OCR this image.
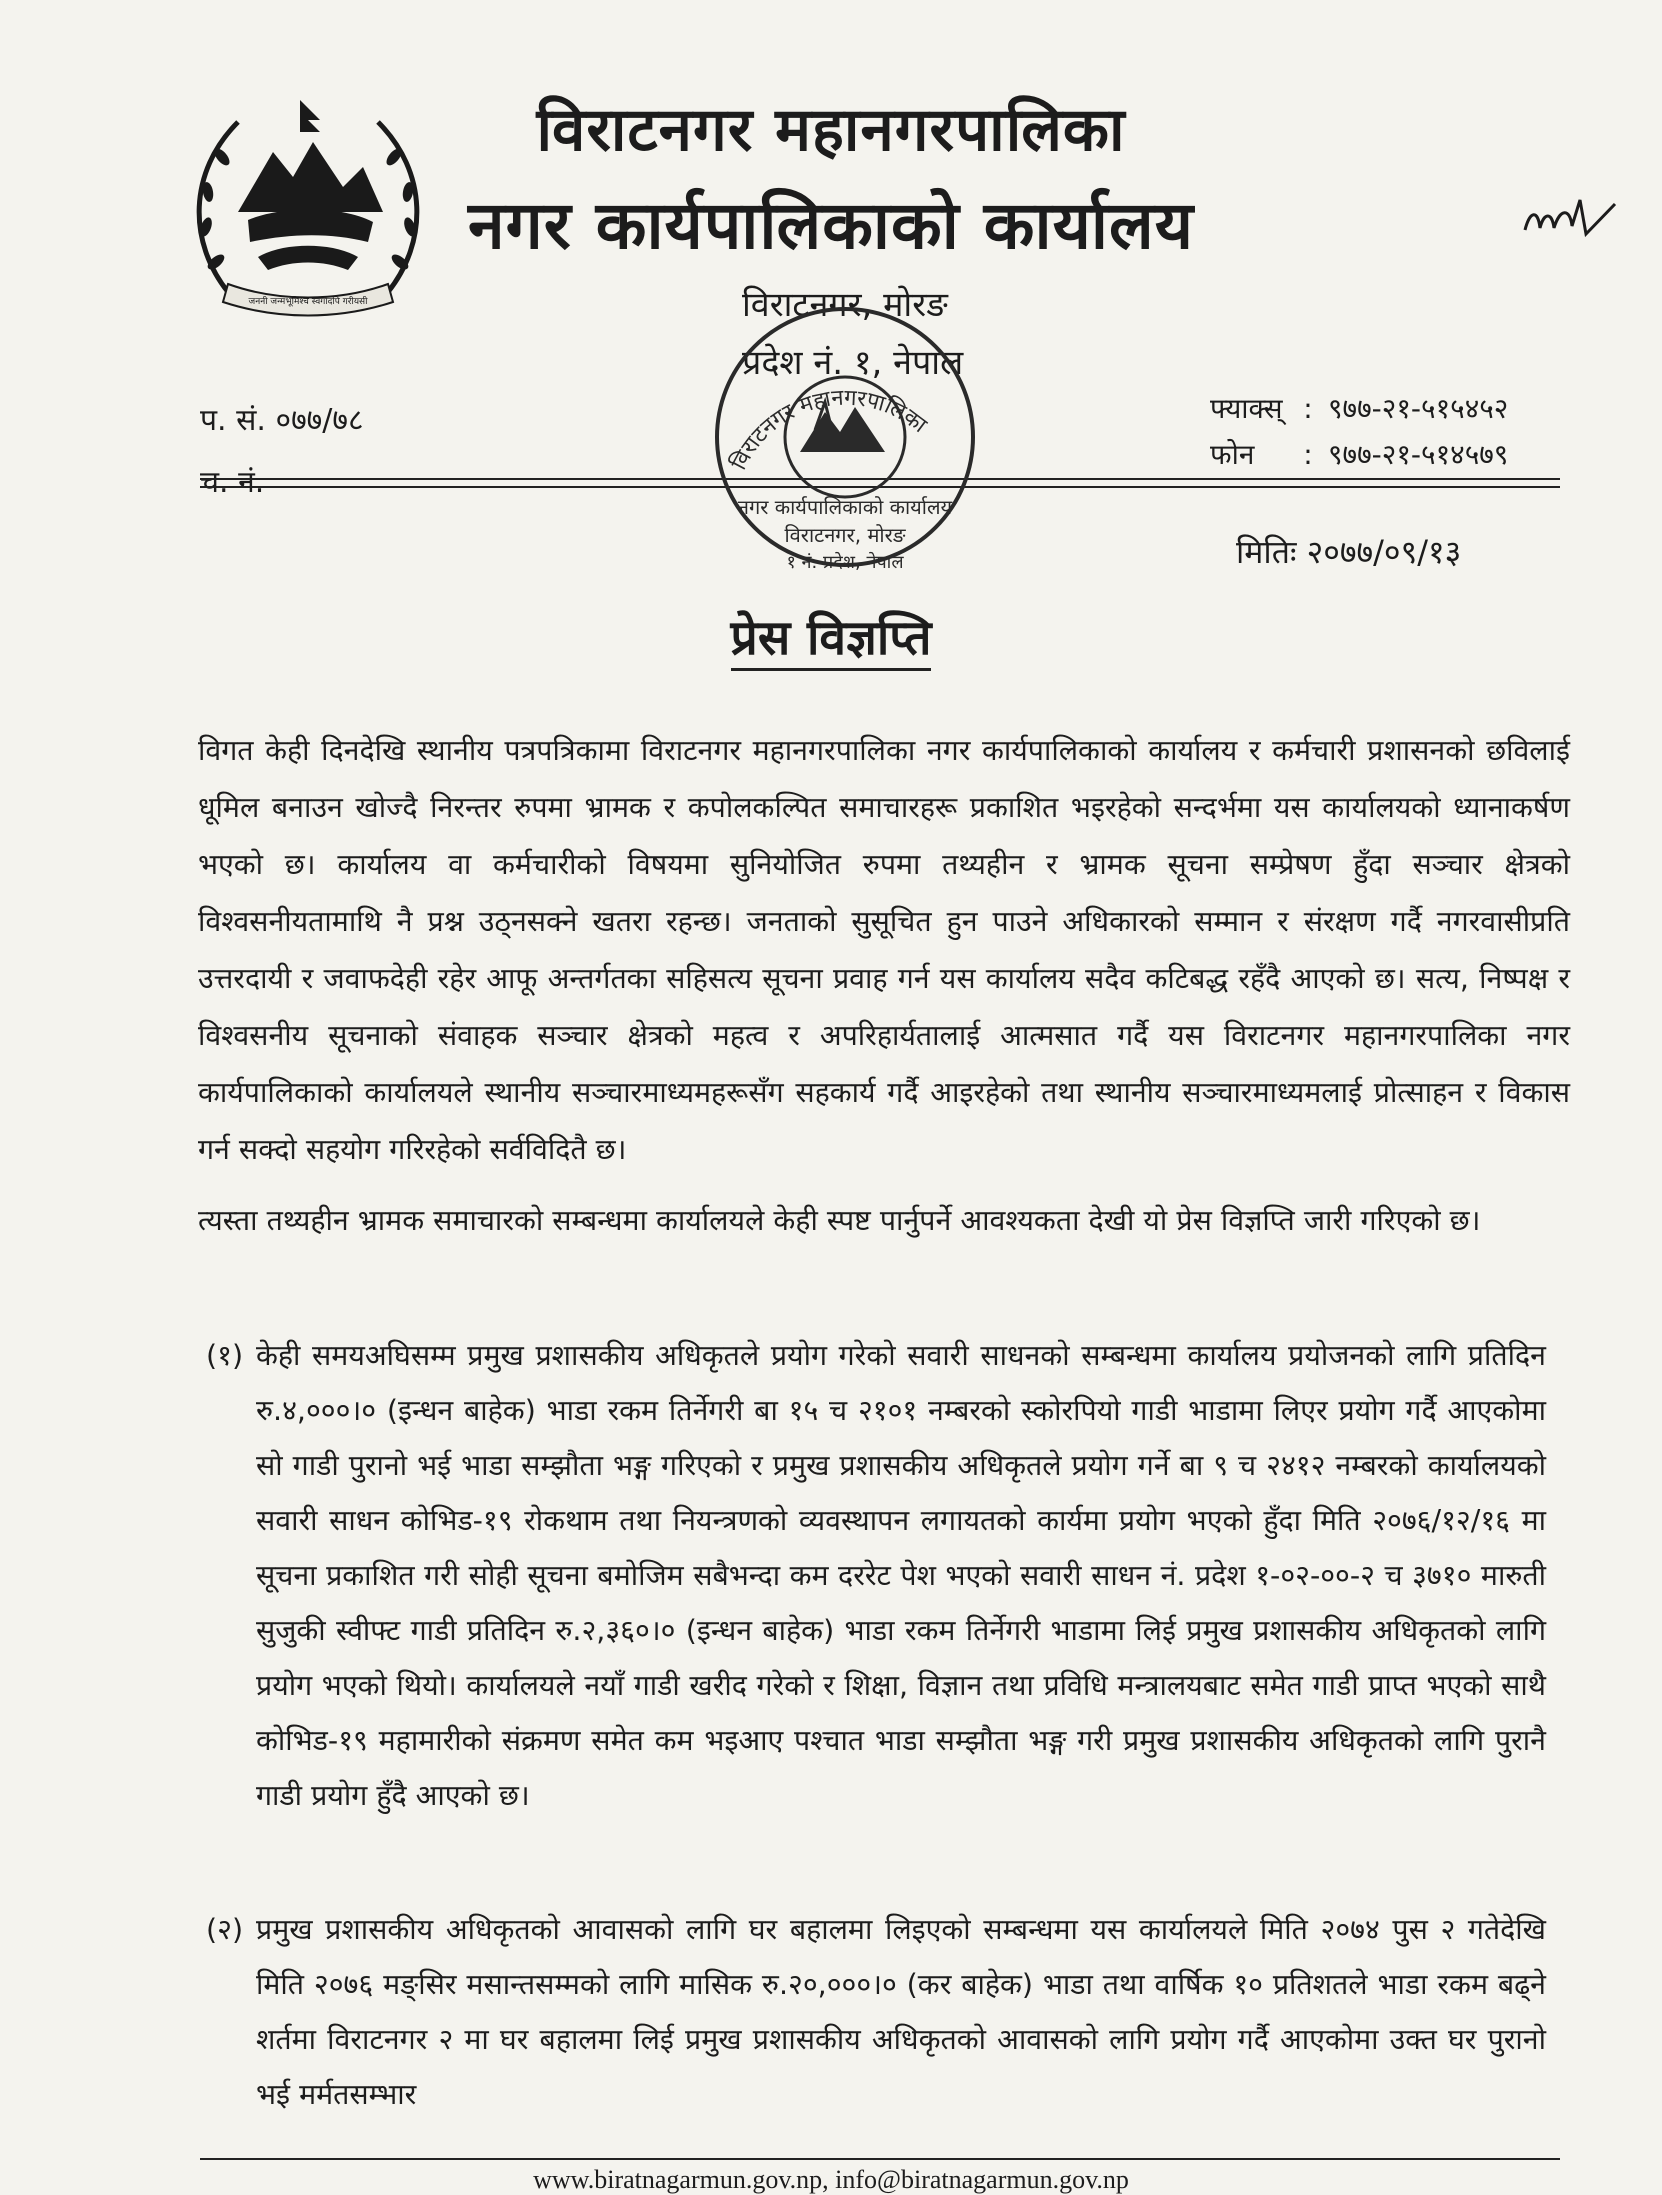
जननी जन्मभूमिश्च स्वर्गादपि गरीयसी
विराटनगर महानगरपालिका
नगर कार्यपालिकाको कार्यालय
विराटनगर, मोरङ
प्रदेश नं. १, नेपाल
प. सं. ०७७/७८
च. नं.
फ्याक्स् : ९७७-२१-५१५४५२
फोन : ९७७-२१-५१४५७९
विराटनगर महानगरपालिका
नगर कार्यपालिकाको कार्यालय
विराटनगर, मोरङ
१ नं. प्रदेश, नेपाल	मितिः २०७७/०९/१३
प्रेस विज्ञप्ति
विगत केही दिनदेखि स्थानीय पत्रपत्रिकामा विराटनगर महानगरपालिका नगर कार्यपालिकाको कार्यालय र कर्मचारी प्रशासनको छविलाई धूमिल बनाउन खोज्दै निरन्तर रुपमा भ्रामक र कपोलकल्पित समाचारहरू प्रकाशित भइरहेको सन्दर्भमा यस कार्यालयको ध्यानाकर्षण भएको छ। कार्यालय वा कर्मचारीको विषयमा सुनियोजित रुपमा तथ्यहीन र भ्रामक सूचना सम्प्रेषण हुँदा सञ्चार क्षेत्रको विश्वसनीयतामाथि नै प्रश्न उठ्नसक्ने खतरा रहन्छ। जनताको सुसूचित हुन पाउने अधिकारको सम्मान र संरक्षण गर्दै नगरवासीप्रति उत्तरदायी र जवाफदेही रहेर आफू अन्तर्गतका सहिसत्य सूचना प्रवाह गर्न यस कार्यालय सदैव कटिबद्ध रहँदै आएको छ। सत्य, निष्पक्ष र विश्वसनीय सूचनाको संवाहक सञ्चार क्षेत्रको महत्व र अपरिहार्यतालाई आत्मसात गर्दै यस विराटनगर महानगरपालिका नगर कार्यपालिकाको कार्यालयले स्थानीय सञ्चारमाध्यमहरूसँग सहकार्य गर्दै आइरहेको तथा स्थानीय सञ्चारमाध्यमलाई प्रोत्साहन र विकास गर्न सक्दो सहयोग गरिरहेको सर्वविदितै छ।
त्यस्ता तथ्यहीन भ्रामक समाचारको सम्बन्धमा कार्यालयले केही स्पष्ट पार्नुपर्ने आवश्यकता देखी यो प्रेस विज्ञप्ति जारी गरिएको छ।
(१) केही समयअघिसम्म प्रमुख प्रशासकीय अधिकृतले प्रयोग गरेको सवारी साधनको सम्बन्धमा कार्यालय प्रयोजनको लागि प्रतिदिन रु.४,०००।० (इन्धन बाहेक) भाडा रकम तिर्नेगरी बा १५ च २१०१ नम्बरको स्कोरपियो गाडी भाडामा लिएर प्रयोग गर्दै आएकोमा सो गाडी पुरानो भई भाडा सम्झौता भङ्ग गरिएको र प्रमुख प्रशासकीय अधिकृतले प्रयोग गर्ने बा ९ च २४१२ नम्बरको कार्यालयको सवारी साधन कोभिड-१९ रोकथाम तथा नियन्त्रणको व्यवस्थापन लगायतको कार्यमा प्रयोग भएको हुँदा मिति २०७६/१२/१६ मा सूचना प्रकाशित गरी सोही सूचना बमोजिम सबैभन्दा कम दररेट पेश भएको सवारी साधन नं. प्रदेश १-०२-००-२ च ३७१० मारुती सुजुकी स्वीफ्ट गाडी प्रतिदिन रु.२,३६०।० (इन्धन बाहेक) भाडा रकम तिर्नेगरी भाडामा लिई प्रमुख प्रशासकीय अधिकृतको लागि प्रयोग भएको थियो। कार्यालयले नयाँ गाडी खरीद गरेको र शिक्षा, विज्ञान तथा प्रविधि मन्त्रालयबाट समेत गाडी प्राप्त भएको साथै कोभिड-१९ महामारीको संक्रमण समेत कम भइआए पश्चात भाडा सम्झौता भङ्ग गरी प्रमुख प्रशासकीय अधिकृतको लागि पुरानै गाडी प्रयोग हुँदै आएको छ।
(२) प्रमुख प्रशासकीय अधिकृतको आवासको लागि घर बहालमा लिइएको सम्बन्धमा यस कार्यालयले मिति २०७४ पुस २ गतेदेखि मिति २०७६ मङ्सिर मसान्तसम्मको लागि मासिक रु.२०,०००।० (कर बाहेक) भाडा तथा वार्षिक १० प्रतिशतले भाडा रकम बढ्ने शर्तमा विराटनगर २ मा घर बहालमा लिई प्रमुख प्रशासकीय अधिकृतको आवासको लागि प्रयोग गर्दै आएकोमा उक्त घर पुरानो भई मर्मतसम्भार
www.biratnagarmun.gov.np, info@biratnagarmun.gov.np
